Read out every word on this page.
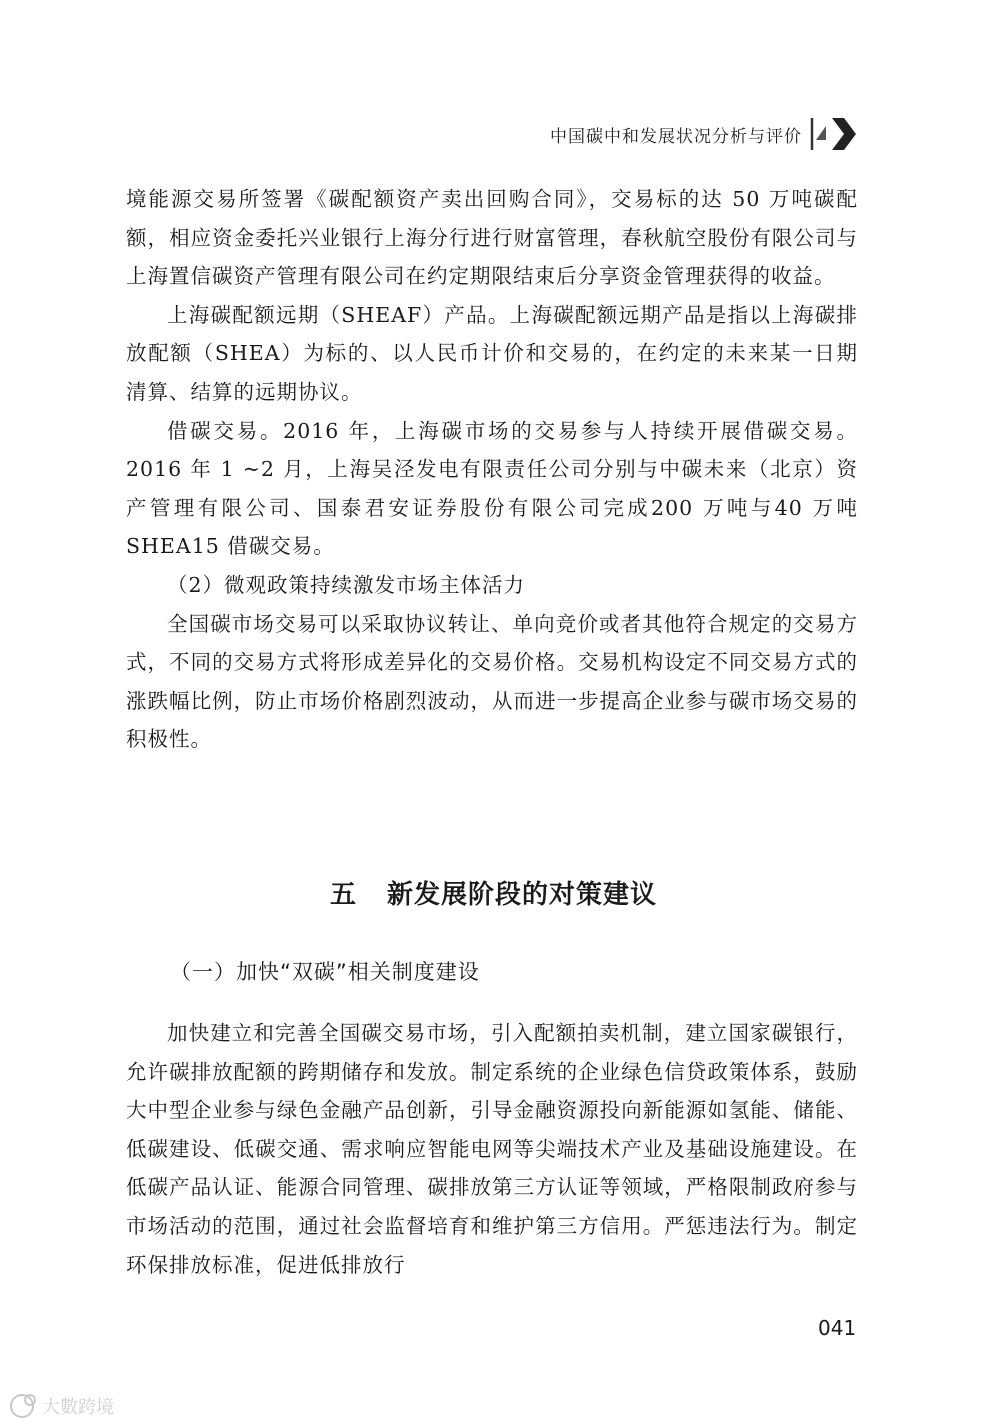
中国碳中和发展状况分析与评价

境能源交易所签署《碳配额资产卖出回购合同》，交易标的达 50 万吨碳配额，相应资金委托兴业银行上海分行进行财富管理，春秋航空股份有限公司与上海置信碳资产管理有限公司在约定期限结束后分享资金管理获得的收益。

上海碳配额远期（SHEAF）产品。上海碳配额远期产品是指以上海碳排放配额（SHEA）为标的、以人民币计价和交易的，在约定的未来某一日期清算、结算的远期协议。

借碳交易。2016 年，上海碳市场的交易参与人持续开展借碳交易。2016 年 1 ~2 月，上海吴泾发电有限责任公司分别与中碳未来（北京）资产管理有限公司、国泰君安证券股份有限公司完成200 万吨与40 万吨 SHEA15 借碳交易。

（2）微观政策持续激发市场主体活力

全国碳市场交易可以采取协议转让、单向竞价或者其他符合规定的交易方式，不同的交易方式将形成差异化的交易价格。交易机构设定不同交易方式的涨跌幅比例，防止市场价格剧烈波动，从而进一步提高企业参与碳市场交易的积极性。

五 新发展阶段的对策建议
（一）加快“双碳”相关制度建设

加快建立和完善全国碳交易市场，引入配额拍卖机制，建立国家碳银行，允许碳排放配额的跨期储存和发放。制定系统的企业绿色信贷政策体系，鼓励大中型企业参与绿色金融产品创新，引导金融资源投向新能源如氢能、储能、低碳建设、低碳交通、需求响应智能电网等尖端技术产业及基础设施建设。在低碳产品认证、能源合同管理、碳排放第三方认证等领域，严格限制政府参与市场活动的范围，通过社会监督培育和维护第三方信用。严惩违法行为。制定环保排放标准，促进低排放行

041
大數跨境
